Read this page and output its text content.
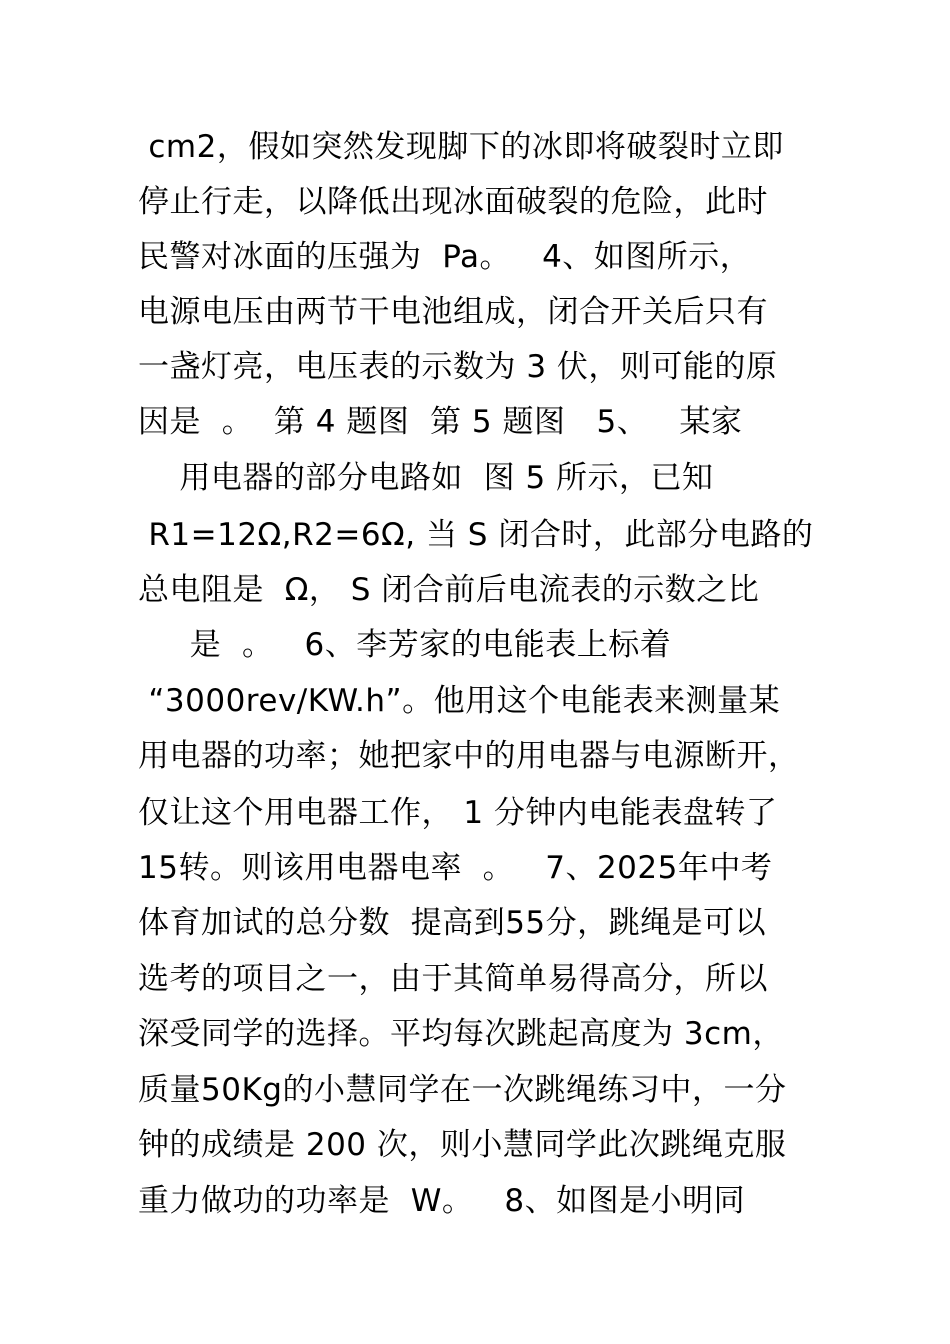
cm2，假如突然发现脚下的冰即将破裂时立即
停止行走，以降低出现冰面破裂的危险，此时
民警对冰面的压强为  Pa。   4、如图所示，
电源电压由两节干电池组成，闭合开关后只有
一盏灯亮，电压表的示数为 3 伏，则可能的原
因是  。  第 4 题图  第 5 题图   5、   某家
用电器的部分电路如  图 5 所示，已知
R1=12Ω,R2=6Ω, 当 S 闭合时，此部分电路的
总电阻是  Ω， S 闭合前后电流表的示数之比
是  。   6、李芳家的电能表上标着
“3000rev/KW.h”。他用这个电能表来测量某
用电器的功率；她把家中的用电器与电源断开，
仅让这个用电器工作， 1 分钟内电能表盘转了
15转。则该用电器电率  。   7、2025年中考
体育加试的总分数  提高到55分，跳绳是可以
选考的项目之一，由于其简单易得高分，所以
深受同学的选择。平均每次跳起高度为 3cm，
质量50Kg的小慧同学在一次跳绳练习中，一分
钟的成绩是 200 次，则小慧同学此次跳绳克服
重力做功的功率是  W。   8、如图是小明同
